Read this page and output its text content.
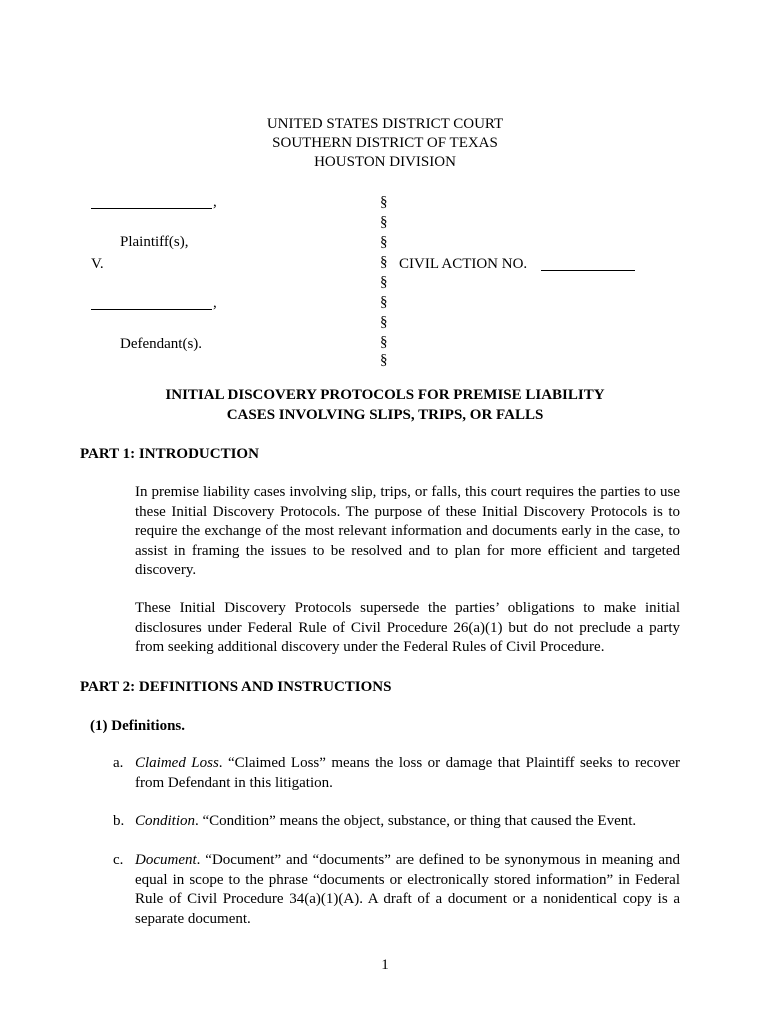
UNITED STATES DISTRICT COURT
SOUTHERN DISTRICT OF TEXAS
HOUSTON DIVISION
,
Plaintiff(s),
V.
,
Defendant(s).
§
§
§
§
§
§
§
§
§
CIVIL ACTION NO.
INITIAL DISCOVERY PROTOCOLS FOR PREMISE LIABILITY
CASES INVOLVING SLIPS, TRIPS, OR FALLS
PART 1: INTRODUCTION
In premise liability cases involving slip, trips, or falls, this court requires the parties to use these Initial Discovery Protocols. The purpose of these Initial Discovery Protocols is to require the exchange of the most relevant information and documents early in the case, to assist in framing the issues to be resolved and to plan for more efficient and targeted discovery.
These Initial Discovery Protocols supersede the parties’ obligations to make initial disclosures under Federal Rule of Civil Procedure 26(a)(1) but do not preclude a party from seeking additional discovery under the Federal Rules of Civil Procedure.
PART 2: DEFINITIONS AND INSTRUCTIONS
(1) Definitions.
a. Claimed Loss. “Claimed Loss” means the loss or damage that Plaintiff seeks to recover from Defendant in this litigation.
b. Condition. “Condition” means the object, substance, or thing that caused the Event.
c. Document. “Document” and “documents” are defined to be synonymous in meaning and equal in scope to the phrase “documents or electronically stored information” in Federal Rule of Civil Procedure 34(a)(1)(A). A draft of a document or a nonidentical copy is a separate document.
1
